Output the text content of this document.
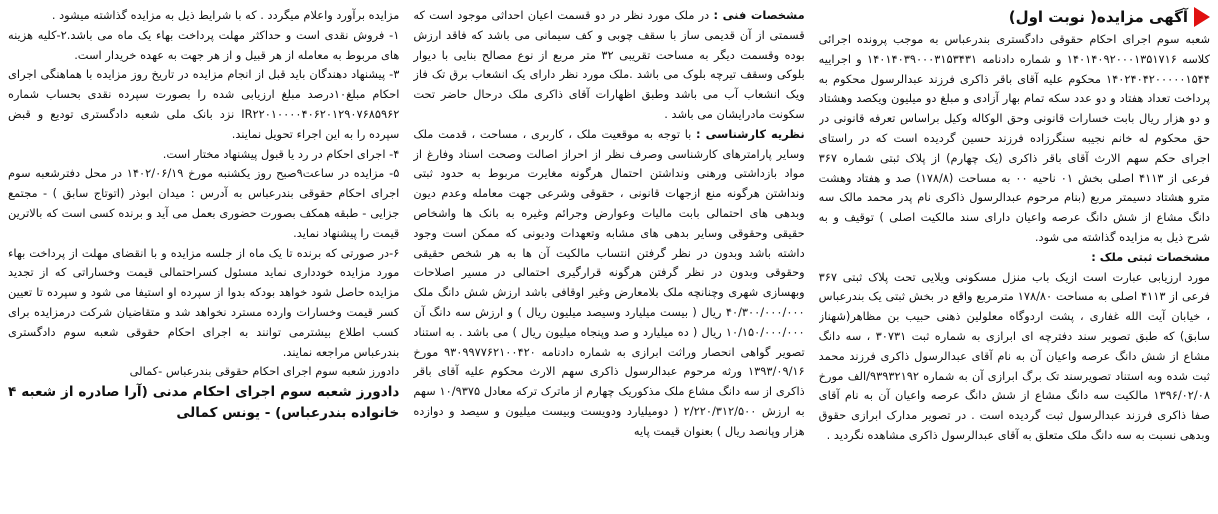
آگهی مزایده( نوبت اول)

شعبه سوم اجرای احکام حقوقی دادگستری بندرعباس به موجب پرونده اجرائی کلاسه ۱۴۰۱۴۰۹۲۰۰۰۱۳۵۱۷۱۶ و شماره دادنامه ۱۴۰۱۴۰۳۹۰۰۰۳۱۵۳۴۳۱ و اجراییه ۱۴۰۲۴۰۴۲۰۰۰۰۰۱۵۴۴ محکوم علیه آقای باقر ذاکری فرزند عبدالرسول محکوم به پرداخت تعداد هفتاد و دو عدد سکه تمام بهار آزادی و مبلغ دو میلیون ویکصد وهشتاد و دو هزار ریال بابت خسارات قانونی وحق الوکاله وکیل براساس تعرفه قانونی در حق محکوم له خانم نجیبه سنگرزاده فرزند حسین گردیده است که در راستای اجرای حکم سهم الارث آقای باقر ذاکری (یک چهارم) از پلاک ثبتی شماره ۳۶۷ فرعی از ۴۱۱۳ اصلی بخش ۰۱ ناحیه ۰۰ به مساحت (۱۷۸/۸) صد و هفتاد وهشت مترو هشتاد دسیمتر مربع (بنام مرحوم عبدالرسول ذاکری نام پدر محمد مالک سه دانگ مشاع از شش دانگ عرصه واعیان دارای سند مالکیت اصلی ) توقیف و به شرح ذیل به مزایده گذاشته می شود.

مشخصات ثبتی ملک :

مورد ارزیابی عبارت است ازیک باب منزل مسکونی ویلایی تحت پلاک ثبتی ۳۶۷ فرعی از ۴۱۱۳ اصلی به مساحت ۱۷۸/۸۰ مترمربع واقع در بخش ثبتی یک بندرعباس ، خیابان آیت الله غفاری ، پشت اردوگاه معلولین ذهنی حبیب بن مظاهر(شهناز سابق) که طبق تصویر سند دفترچه ای ابرازی به شماره ثبت ۳۰۷۳۱ ، سه دانگ مشاع از شش دانگ عرصه واعیان آن به نام آقای عبدالرسول ذاکری فرزند محمد ثبت شده وبه استناد تصویرسند تک برگ ابرازی آن به شماره ۹۳۹۳۲۱۹۲/الف مورخ ۱۳۹۶/۰۲/۰۸ مالکیت سه دانگ مشاع از شش دانگ عرصه واعیان آن به نام آقای صفا ذاکری فرزند عبدالرسول ثبت گردیده است . در تصویر مدارک ابرازی حقوق وبدهی نسبت به سه دانگ ملک متعلق به آقای عبدالرسول ذاکری مشاهده نگردید .

مشخصات فنی : در ملک مورد نظر در دو قسمت اعیان احداثی موجود است که قسمتی از آن قدیمی ساز با سقف چوبی و کف سیمانی می باشد که فاقد ارزش بوده وقسمت دیگر به مساحت تقریبی ۳۲ متر مربع از نوع مصالح بنایی با دیوار بلوکی وسقف تیرچه بلوک می باشد .ملک مورد نظر دارای یک انشعاب برق تک فاز ویک انشعاب آب می باشد وطبق اظهارات آقای ذاکری ملک درحال حاضر تحت سکونت مادرایشان می باشد .

نظریه کارشناسی : با توجه به موقعیت ملک ، کاربری ، مساحت ، قدمت ملک وسایر پارامترهای کارشناسی وصرف نظر از احراز اصالت وصحت اسناد وفارغ از مواد بازداشتی ورهنی ونداشتن احتمال هرگونه مغایرت مربوط به حدود ثبتی ونداشتن هرگونه منع ازجهات قانونی ، حقوقی وشرعی جهت معامله وعدم دیون وبدهی های احتمالی بابت مالیات وعوارض وجرائم وغیره به بانک ها واشخاص حقیقی وحقوقی وسایر بدهی های مشابه وتعهدات ودیونی که ممکن است وجود داشته باشد وبدون در نظر گرفتن انتساب مالکیت آن ها به هر شخص حقیقی وحقوقی وبدون در نظر گرفتن هرگونه قرارگیری احتمالی در مسیر اصلاحات وبهسازی شهری وچنانچه ملک بلامعارض وغیر اوقافی باشد ارزش شش دانگ ملک ۴۰/۳۰۰/۰۰۰/۰۰۰ ریال ( بیست میلیارد وسیصد میلیون ریال ) و ارزش سه دانگ آن ۱۰/۱۵۰/۰۰۰/۰۰۰ ریال ( ده میلیارد و صد وپنجاه میلیون ریال ) می باشد . به استناد تصویر گواهی انحصار وراثت ابرازی به شماره دادنامه ۹۳۰۹۹۷۷۶۲۱۰۰۴۲۰ مورخ ۱۳۹۳/۰۹/۱۶ ورثه مرحوم عبدالرسول ذاکری سهم الارث محکوم علیه آقای باقر ذاکری از سه دانگ مشاع ملک مذکوریک چهارم از ماترک ترکه معادل ۱۰/۹۳۷۵ سهم به ارزش ۲/۲۲۰/۳۱۲/۵۰۰ ( دومیلیارد ودویست وبیست میلیون و سیصد و دوازده هزار وپانصد ریال ) بعنوان قیمت پایه

مزایده برآورد واعلام میگردد . که با شرایط ذیل به مزایده گذاشته میشود .

۱- فروش نقدی است و حداکثر مهلت پرداخت بهاء یک ماه می باشد.۲-کلیه هزینه های مربوط به معامله از هر قبیل و از هر جهت به عهده خریدار است.

۳- پیشنهاد دهندگان باید قبل از انجام مزایده در تاریخ روز مزایده با هماهنگی اجرای احکام مبلغ۱۰درصد مبلغ ارزیابی شده را بصورت سپرده نقدی بحساب شماره IR۲۲۰۱۰۰۰۰۴۰۶۲۰۱۲۹۰۷۶۸۵۹۶۲ نزد بانک ملی شعبه دادگستری توديع و قبض سپرده را به این اجراء تحویل نمایند.

۴- اجرای احکام در رد یا قبول پیشنهاد مختار است.

۵- مزایده در ساعت۹صبح روز یکشنبه مورخ ۱۴۰۲/۰۶/۱۹ در محل دفترشعبه سوم اجرای احکام حقوقی بندرعباس به آدرس : میدان ابوذر (اتوتاج سابق ) - مجتمع جزایی - طبقه همکف بصورت حضوری بعمل می آید و برنده کسی است که بالاترین قیمت را پیشنهاد نماید.

۶-در صورتی که برنده تا یک ماه از جلسه مزایده و با انقضای مهلت از پرداخت بهاء مورد مزایده خودداری نماید مسئول کسراحتمالی قیمت وخساراتی که از تجدید مزایده حاصل شود خواهد بودکه بدوا از سپرده او استیفا می شود و سپرده تا تعیین کسر قیمت وخسارات وارده مسترد نخواهد شد و متقاضیان شرکت درمزایده برای کسب اطلاع بیشترمی توانند به اجرای احکام حقوقی شعبه سوم دادگستری بندرعباس مراجعه نمایند.

دادورز شعبه سوم اجرای احکام حقوقی بندرعباس -کمالی

دادورز شعبه سوم اجرای احکام مدنی (آرا صادره از شعبه ۴ خانواده بندرعباس) - یونس کمالی
